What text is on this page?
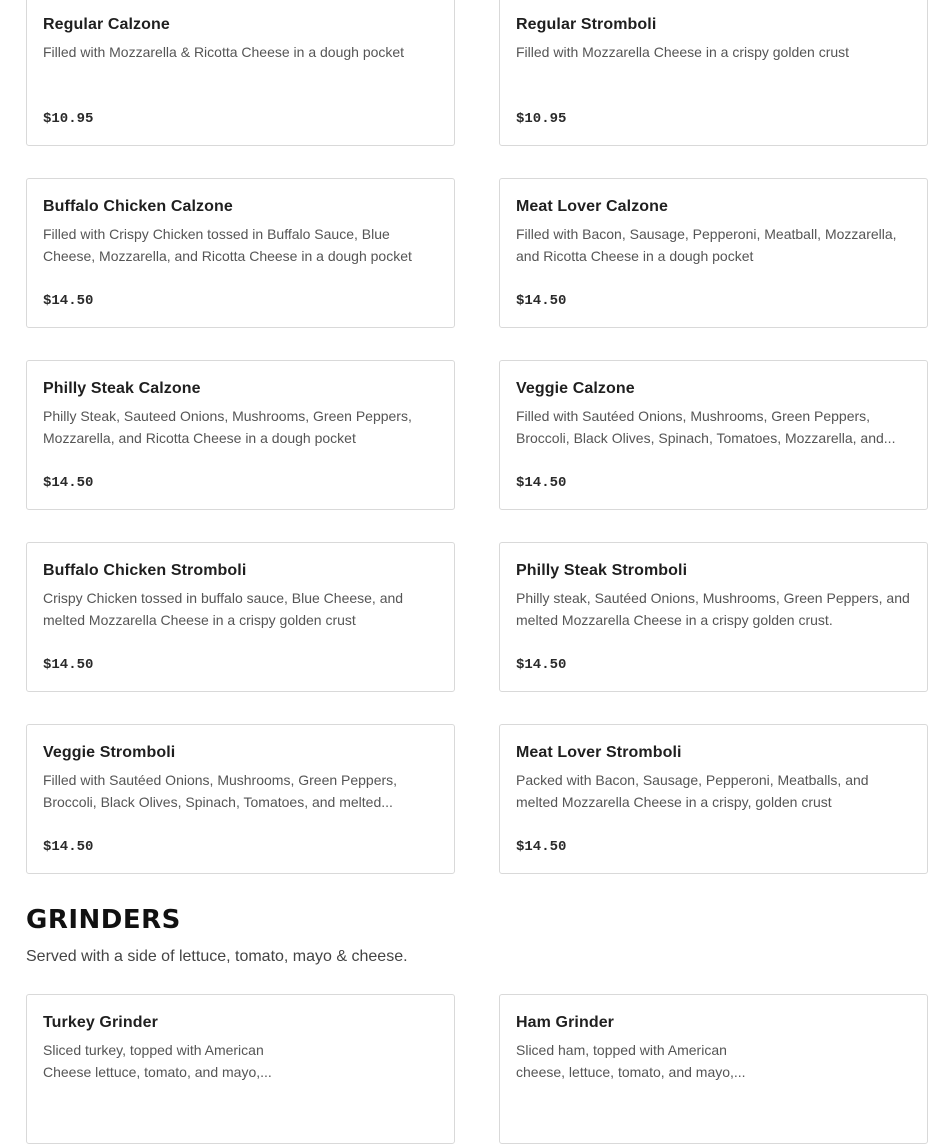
Regular Calzone
Filled with Mozzarella & Ricotta Cheese in a dough pocket
$10.95
Regular Stromboli
Filled with Mozzarella Cheese in a crispy golden crust
$10.95
Buffalo Chicken Calzone
Filled with Crispy Chicken tossed in Buffalo Sauce, Blue Cheese, Mozzarella, and Ricotta Cheese in a dough pocket
$14.50
Meat Lover Calzone
Filled with Bacon, Sausage, Pepperoni, Meatball, Mozzarella, and Ricotta Cheese in a dough pocket
$14.50
Philly Steak Calzone
Philly Steak, Sauteed Onions, Mushrooms, Green Peppers, Mozzarella, and Ricotta Cheese in a dough pocket
$14.50
Veggie Calzone
Filled with Sautéed Onions, Mushrooms, Green Peppers, Broccoli, Black Olives, Spinach, Tomatoes, Mozzarella, and...
$14.50
Buffalo Chicken Stromboli
Crispy Chicken tossed in buffalo sauce, Blue Cheese, and melted Mozzarella Cheese in a crispy golden crust
$14.50
Philly Steak Stromboli
Philly steak, Sautéed Onions, Mushrooms, Green Peppers, and melted Mozzarella Cheese in a crispy golden crust.
$14.50
Veggie Stromboli
Filled with Sautéed Onions, Mushrooms, Green Peppers, Broccoli, Black Olives, Spinach, Tomatoes, and melted...
$14.50
Meat Lover Stromboli
Packed with Bacon, Sausage, Pepperoni, Meatballs, and melted Mozzarella Cheese in a crispy, golden crust
$14.50
GRINDERS

Served with a side of lettuce, tomato, mayo & cheese.

Turkey Grinder
Sliced turkey, topped with American Cheese lettuce, tomato, and mayo,...
Ham Grinder
Sliced ham, topped with American cheese, lettuce, tomato, and mayo,...
